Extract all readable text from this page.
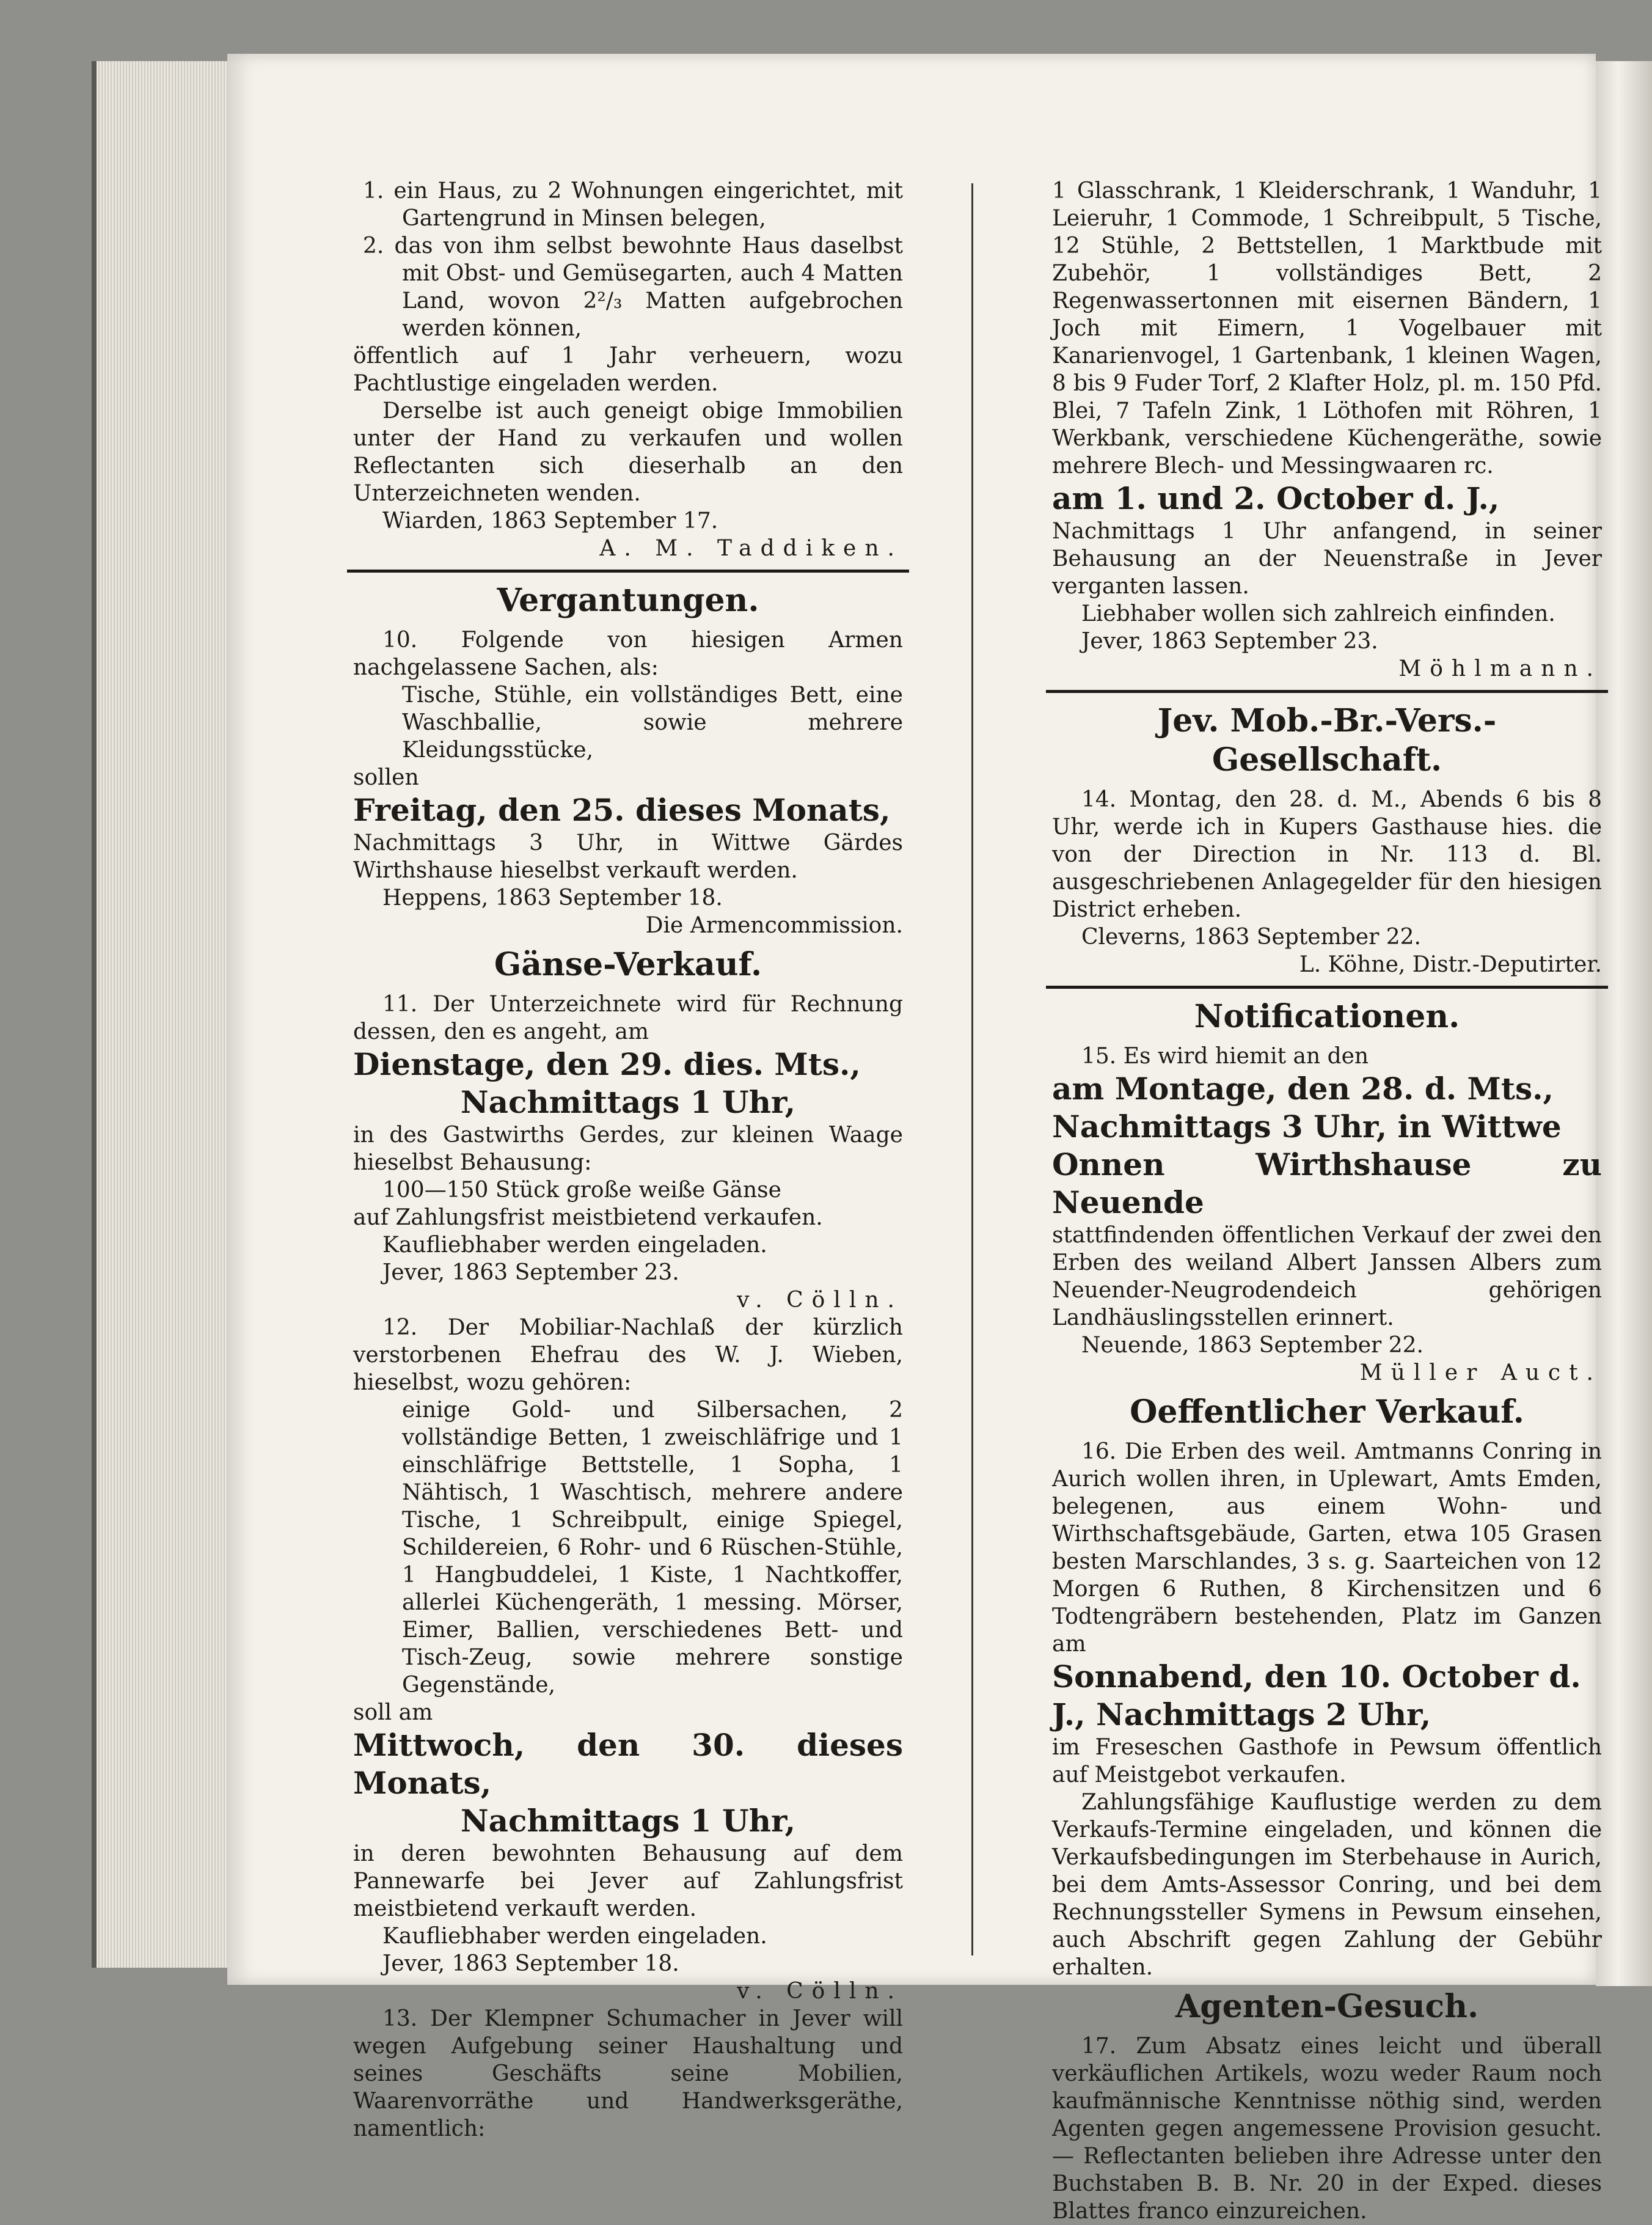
1. ein Haus, zu 2 Wohnungen eingerichtet, mit Gartengrund in Minsen belegen,

2. das von ihm selbst bewohnte Haus daselbst mit Obst- und Gemüsegarten, auch 4 Matten Land, wovon 2²/₃ Matten aufgebrochen werden können,

öffentlich auf 1 Jahr verheuern, wozu Pachtlustige eingeladen werden.

Derselbe ist auch geneigt obige Immobilien unter der Hand zu verkaufen und wollen Reflectanten sich dieserhalb an den Unterzeichneten wenden.

Wiarden, 1863 September 17.

A. M. Taddiken.

Vergantungen.

10. Folgende von hiesigen Armen nachgelassene Sachen, als:

Tische, Stühle, ein vollständiges Bett, eine Waschballie, sowie mehrere Kleidungsstücke,

sollen

Freitag, den 25. dieses Monats,

Nachmittags 3 Uhr, in Wittwe Gärdes Wirthshause hieselbst verkauft werden.

Heppens, 1863 September 18.

Die Armencommission.

Gänse-Verkauf.

11. Der Unterzeichnete wird für Rechnung dessen, den es angeht, am

Dienstage, den 29. dies. Mts.,

Nachmittags 1 Uhr,

in des Gastwirths Gerdes, zur kleinen Waage hieselbst Behausung:

100—150 Stück große weiße Gänse

auf Zahlungsfrist meistbietend verkaufen.

Kaufliebhaber werden eingeladen.

Jever, 1863 September 23.

v. Cölln.

12. Der Mobiliar-Nachlaß der kürzlich verstorbenen Ehefrau des W. J. Wieben, hieselbst, wozu gehören:

einige Gold- und Silbersachen, 2 vollständige Betten, 1 zweischläfrige und 1 einschläfrige Bettstelle, 1 Sopha, 1 Nähtisch, 1 Waschtisch, mehrere andere Tische, 1 Schreibpult, einige Spiegel, Schildereien, 6 Rohr- und 6 Rüschen-Stühle, 1 Hangbuddelei, 1 Kiste, 1 Nachtkoffer, allerlei Küchengeräth, 1 messing. Mörser, Eimer, Ballien, verschiedenes Bett- und Tisch-Zeug, sowie mehrere sonstige Gegenstände,

soll am

Mittwoch, den 30. dieses Monats,

Nachmittags 1 Uhr,

in deren bewohnten Behausung auf dem Pannewarfe bei Jever auf Zahlungsfrist meistbietend verkauft werden.

Kaufliebhaber werden eingeladen.

Jever, 1863 September 18.

v. Cölln.

13. Der Klempner Schumacher in Jever will wegen Aufgebung seiner Haushaltung und seines Geschäfts seine Mobilien, Waarenvorräthe und Handwerksgeräthe, namentlich:

1 Glasschrank, 1 Kleiderschrank, 1 Wanduhr, 1 Leieruhr, 1 Commode, 1 Schreibpult, 5 Tische, 12 Stühle, 2 Bettstellen, 1 Marktbude mit Zubehör, 1 vollständiges Bett, 2 Regenwassertonnen mit eisernen Bändern, 1 Joch mit Eimern, 1 Vogelbauer mit Kanarienvogel, 1 Gartenbank, 1 kleinen Wagen, 8 bis 9 Fuder Torf, 2 Klafter Holz, pl. m. 150 Pfd. Blei, 7 Tafeln Zink, 1 Löthofen mit Röhren, 1 Werkbank, verschiedene Küchengeräthe, sowie mehrere Blech- und Messingwaaren rc.

am 1. und 2. October d. J.,

Nachmittags 1 Uhr anfangend, in seiner Behausung an der Neuenstraße in Jever verganten lassen.

Liebhaber wollen sich zahlreich einfinden.

Jever, 1863 September 23.

Möhlmann.

Jev. Mob.-Br.-Vers.-Gesellschaft.

14. Montag, den 28. d. M., Abends 6 bis 8 Uhr, werde ich in Kupers Gasthause hies. die von der Direction in Nr. 113 d. Bl. ausgeschriebenen Anlagegelder für den hiesigen District erheben.

Cleverns, 1863 September 22.

L. Köhne, Distr.-Deputirter.

Notificationen.

15. Es wird hiemit an den

am Montage, den 28. d. Mts.,

Nachmittags 3 Uhr, in Wittwe

Onnen Wirthshause zu Neuende

stattfindenden öffentlichen Verkauf der zwei den Erben des weiland Albert Janssen Albers zum Neuender-Neugrodendeich gehörigen Landhäuslingsstellen erinnert.

Neuende, 1863 September 22.

Müller Auct.

Oeffentlicher Verkauf.

16. Die Erben des weil. Amtmanns Conring in Aurich wollen ihren, in Uplewart, Amts Emden, belegenen, aus einem Wohn- und Wirthschaftsgebäude, Garten, etwa 105 Grasen besten Marschlandes, 3 s. g. Saarteichen von 12 Morgen 6 Ruthen, 8 Kirchensitzen und 6 Todtengräbern bestehenden, Platz im Ganzen am

Sonnabend, den 10. October d.

J., Nachmittags 2 Uhr,

im Freseschen Gasthofe in Pewsum öffentlich auf Meistgebot verkaufen.

Zahlungsfähige Kauflustige werden zu dem Verkaufs-Termine eingeladen, und können die Verkaufsbedingungen im Sterbehause in Aurich, bei dem Amts-Assessor Conring, und bei dem Rechnungssteller Symens in Pewsum einsehen, auch Abschrift gegen Zahlung der Gebühr erhalten.

Agenten-Gesuch.

17. Zum Absatz eines leicht und überall verkäuflichen Artikels, wozu weder Raum noch kaufmännische Kenntnisse nöthig sind, werden Agenten gegen angemessene Provision gesucht. — Reflectanten belieben ihre Adresse unter den Buchstaben B. B. Nr. 20 in der Exped. dieses Blattes franco einzureichen.
